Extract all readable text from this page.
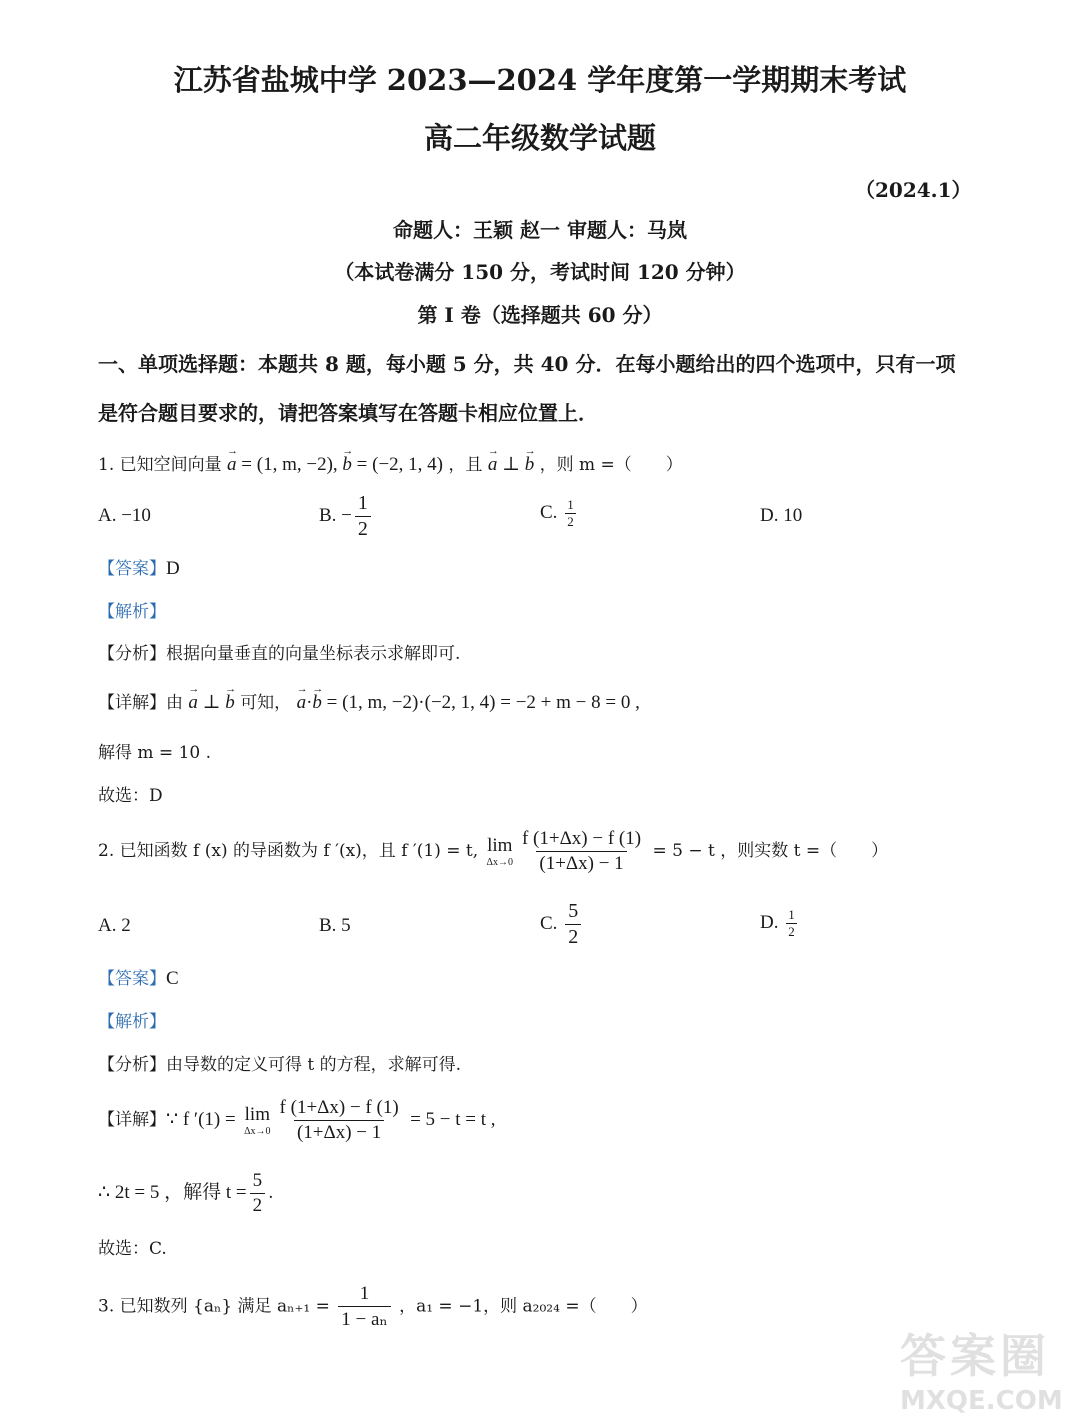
江苏省盐城中学 2023—2024 学年度第一学期期末考试
高二年级数学试题
（2024.1）
命题人：王颖 赵一 审题人：马岚
（本试卷满分 150 分，考试时间 120 分钟）
第 I 卷（选择题共 60 分）
一、单项选择题：本题共 8 题，每小题 5 分，共 40 分．在每小题给出的四个选项中，只有一项
是符合题目要求的，请把答案填写在答题卡相应位置上．
1. 已知空间向量 → a = (1, m, −2), → b = (−2, 1, 4) ，且 → a ⊥ → b ，则 m =（　　）
A. −10	B. − $\frac{1}{2}$	C. $\frac{1}{2}$	D. 10
【答案】D
【解析】
【分析】根据向量垂直的向量坐标表示求解即可.
【详解】由 → a ⊥ → b 可知， → a·→ b = (1, m, −2)·(−2, 1, 4) = −2 + m − 8 = 0 ,
解得 m = 10 .
故选：D
2. 已知函数 f (x) 的导函数为 f ′(x)，且 f ′(1) = t, lim
$\Delta x\to 0 \frac{f (1+\Delta x) - f (1)}{(1+\Delta x) - 1} = 5 - t$ ，则实数 t =（　　）
A. 2	B. 5	C. $\frac{5}{2}$	D. $\frac{1}{2}$
【答案】C
【解析】
【分析】由导数的定义可得 t 的方程，求解可得.
【详解】∵ f ′(1) = lim
$\Delta x\to 0 \frac{f (1+\Delta x) - f (1)}{(1+\Delta x) - 1} = 5 - t = t$ ,
∴ 2t = 5 ，解得 $t = \frac{5}{2}$ .
故选：C.
3. 已知数列 {aₙ} 满足 $a_{n+1} = \frac{1}{\text{1 − aₙ}}$ ，a₁ = −1，则 a₂₀₂₄ =（　　）
答案圈
MXQE.COM
